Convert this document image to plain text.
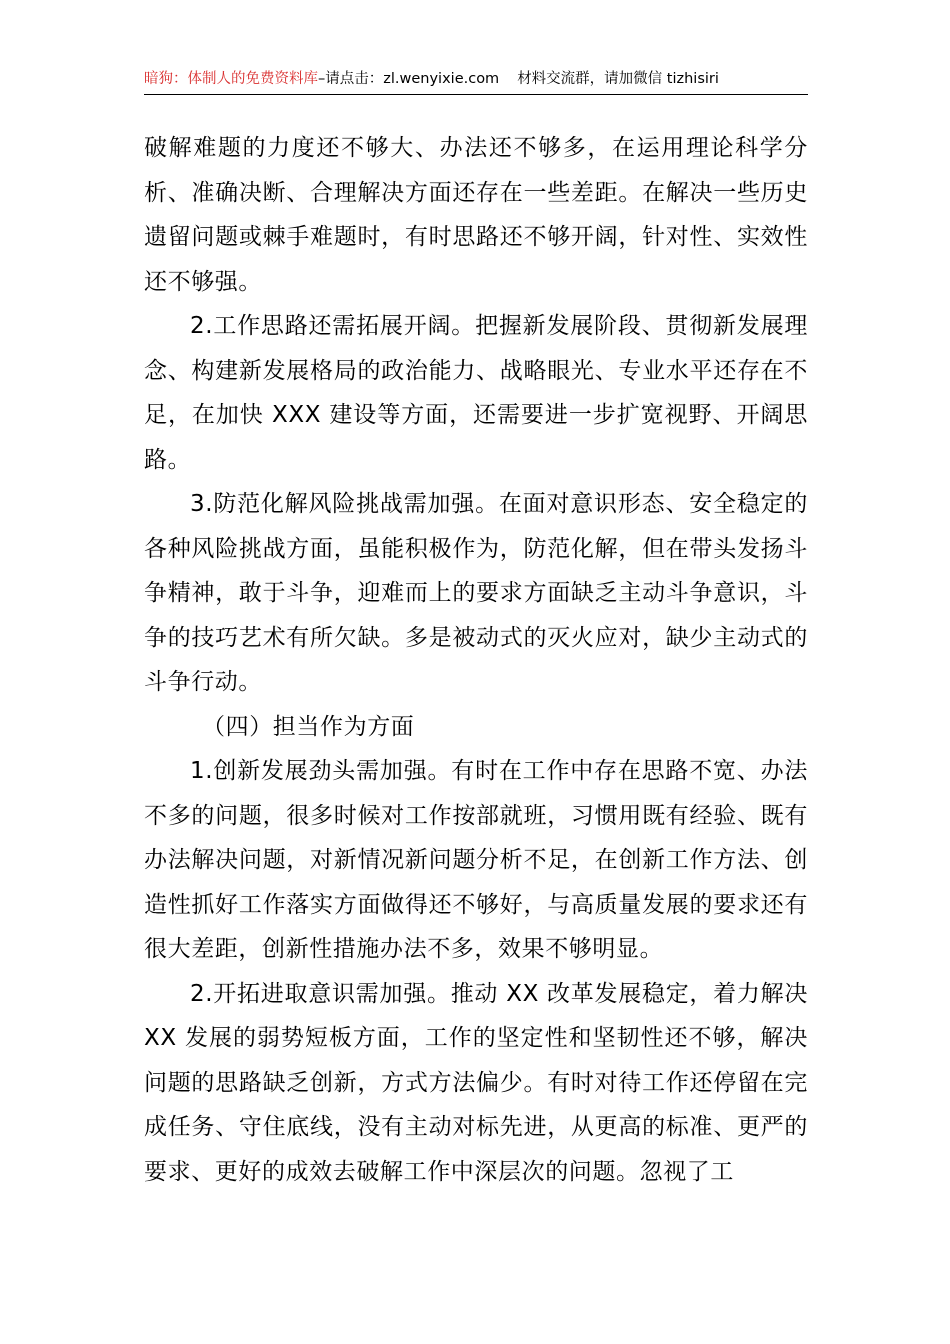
暗狗：体制人的免费资料库–请点击：zl.wenyixie.com 材料交流群，请加微信 tizhisiri

破解难题的力度还不够大、办法还不够多，在运用理论科学分析、准确决断、合理解决方面还存在一些差距。在解决一些历史遗留问题或棘手难题时，有时思路还不够开阔，针对性、实效性还不够强。

2.工作思路还需拓展开阔。把握新发展阶段、贯彻新发展理念、构建新发展格局的政治能力、战略眼光、专业水平还存在不足，在加快 XXX 建设等方面，还需要进一步扩宽视野、开阔思路。

3.防范化解风险挑战需加强。在面对意识形态、安全稳定的各种风险挑战方面，虽能积极作为，防范化解，但在带头发扬斗争精神，敢于斗争，迎难而上的要求方面缺乏主动斗争意识，斗争的技巧艺术有所欠缺。多是被动式的灭火应对，缺少主动式的斗争行动。

（四）担当作为方面

1.创新发展劲头需加强。有时在工作中存在思路不宽、办法不多的问题，很多时候对工作按部就班，习惯用既有经验、既有办法解决问题，对新情况新问题分析不足，在创新工作方法、创造性抓好工作落实方面做得还不够好，与高质量发展的要求还有很大差距，创新性措施办法不多，效果不够明显。

2.开拓进取意识需加强。推动 XX 改革发展稳定，着力解决XX 发展的弱势短板方面，工作的坚定性和坚韧性还不够，解决问题的思路缺乏创新，方式方法偏少。有时对待工作还停留在完成任务、守住底线，没有主动对标先进，从更高的标准、更严的要求、更好的成效去破解工作中深层次的问题。忽视了工
